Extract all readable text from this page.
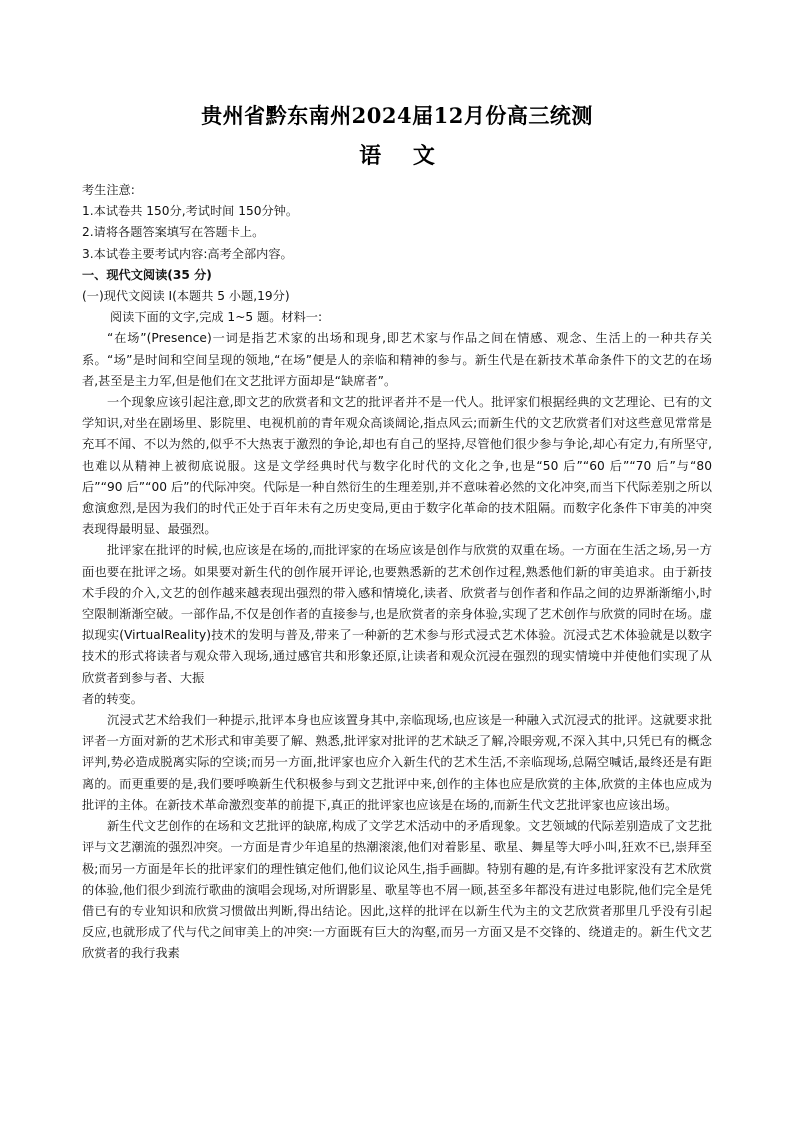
贵州省黔东南州2024届12月份高三统测
语 文

考生注意:

1.本试卷共 150分,考试时间 150分钟。

2.请将各题答案填写在答题卡上。

3.本试卷主要考试内容:高考全部内容。

一、现代文阅读(35 分)

(一)现代文阅读 I(本题共 5 小题,19分)

阅读下面的文字,完成 1~5 题。材料一:

“在场”(Presence)一词是指艺术家的出场和现身,即艺术家与作品之间在情感、观念、生活上的一种共存关系。“场”是时间和空间呈现的领地,“在场”便是人的亲临和精神的参与。新生代是在新技术革命条件下的文艺的在场者,甚至是主力军,但是他们在文艺批评方面却是“缺席者”。

一个现象应该引起注意,即文艺的欣赏者和文艺的批评者并不是一代人。批评家们根据经典的文艺理论、已有的文学知识,对坐在剧场里、影院里、电视机前的青年观众高谈阔论,指点风云;而新生代的文艺欣赏者们对这些意见常常是充耳不闻、不以为然的,似乎不大热衷于激烈的争论,却也有自己的坚持,尽管他们很少参与争论,却心有定力,有所坚守,也难以从精神上被彻底说服。这是文学经典时代与数字化时代的文化之争,也是“50 后”“60 后”“70 后”与“80 后”“90 后”“00 后”的代际冲突。代际是一种自然衍生的生理差别,并不意味着必然的文化冲突,而当下代际差别之所以愈演愈烈,是因为我们的时代正处于百年未有之历史变局,更由于数字化革命的技术阻隔。而数字化条件下审美的冲突表现得最明显、最强烈。

批评家在批评的时候,也应该是在场的,而批评家的在场应该是创作与欣赏的双重在场。一方面在生活之场,另一方面也要在批评之场。如果要对新生代的创作展开评论,也要熟悉新的艺术创作过程,熟悉他们新的审美追求。由于新技术手段的介入,文艺的创作越来越表现出强烈的带入感和情境化,读者、欣赏者与创作者和作品之间的边界渐渐缩小,时空限制渐渐空破。一部作品,不仅是创作者的直接参与,也是欣赏者的亲身体验,实现了艺术创作与欣赏的同时在场。虚拟现实(VirtualReality)技术的发明与普及,带来了一种新的艺术参与形式浸式艺术体验。沉浸式艺术体验就是以数字技术的形式将读者与观众带入现场,通过感官共和形象还原,让读者和观众沉浸在强烈的现实情境中并使他们实现了从欣赏者到参与者、大振

者的转变。

沉浸式艺术给我们一种提示,批评本身也应该置身其中,亲临现场,也应该是一种融入式沉浸式的批评。这就要求批评者一方面对新的艺术形式和审美要了解、熟悉,批评家对批评的艺术缺乏了解,冷眼旁观,不深入其中,只凭已有的概念评判,势必造成脱离实际的空谈;而另一方面,批评家也应介入新生代的艺术生活,不亲临现场,总隔空喊话,最终还是有距离的。而更重要的是,我们要呼唤新生代积极参与到文艺批评中来,创作的主体也应是欣赏的主体,欣赏的主体也应成为批评的主体。在新技术革命激烈变革的前提下,真正的批评家也应该是在场的,而新生代文艺批评家也应该出场。

新生代文艺创作的在场和文艺批评的缺席,构成了文学艺术活动中的矛盾现象。文艺领域的代际差别造成了文艺批评与文艺潮流的强烈冲突。一方面是青少年追星的热潮滚滚,他们对着影星、歌星、舞星等大呼小叫,狂欢不已,崇拜至极;而另一方面是年长的批评家们的理性镇定他们,他们议论风生,指手画脚。特别有趣的是,有许多批评家没有艺术欣赏的体验,他们很少到流行歌曲的演唱会现场,对所谓影星、歌星等也不屑一顾,甚至多年都没有进过电影院,他们完全是凭借已有的专业知识和欣赏习惯做出判断,得出结论。因此,这样的批评在以新生代为主的文艺欣赏者那里几乎没有引起反应,也就形成了代与代之间审美上的冲突:一方面既有巨大的沟壑,而另一方面又是不交锋的、绕道走的。新生代文艺欣赏者的我行我素
